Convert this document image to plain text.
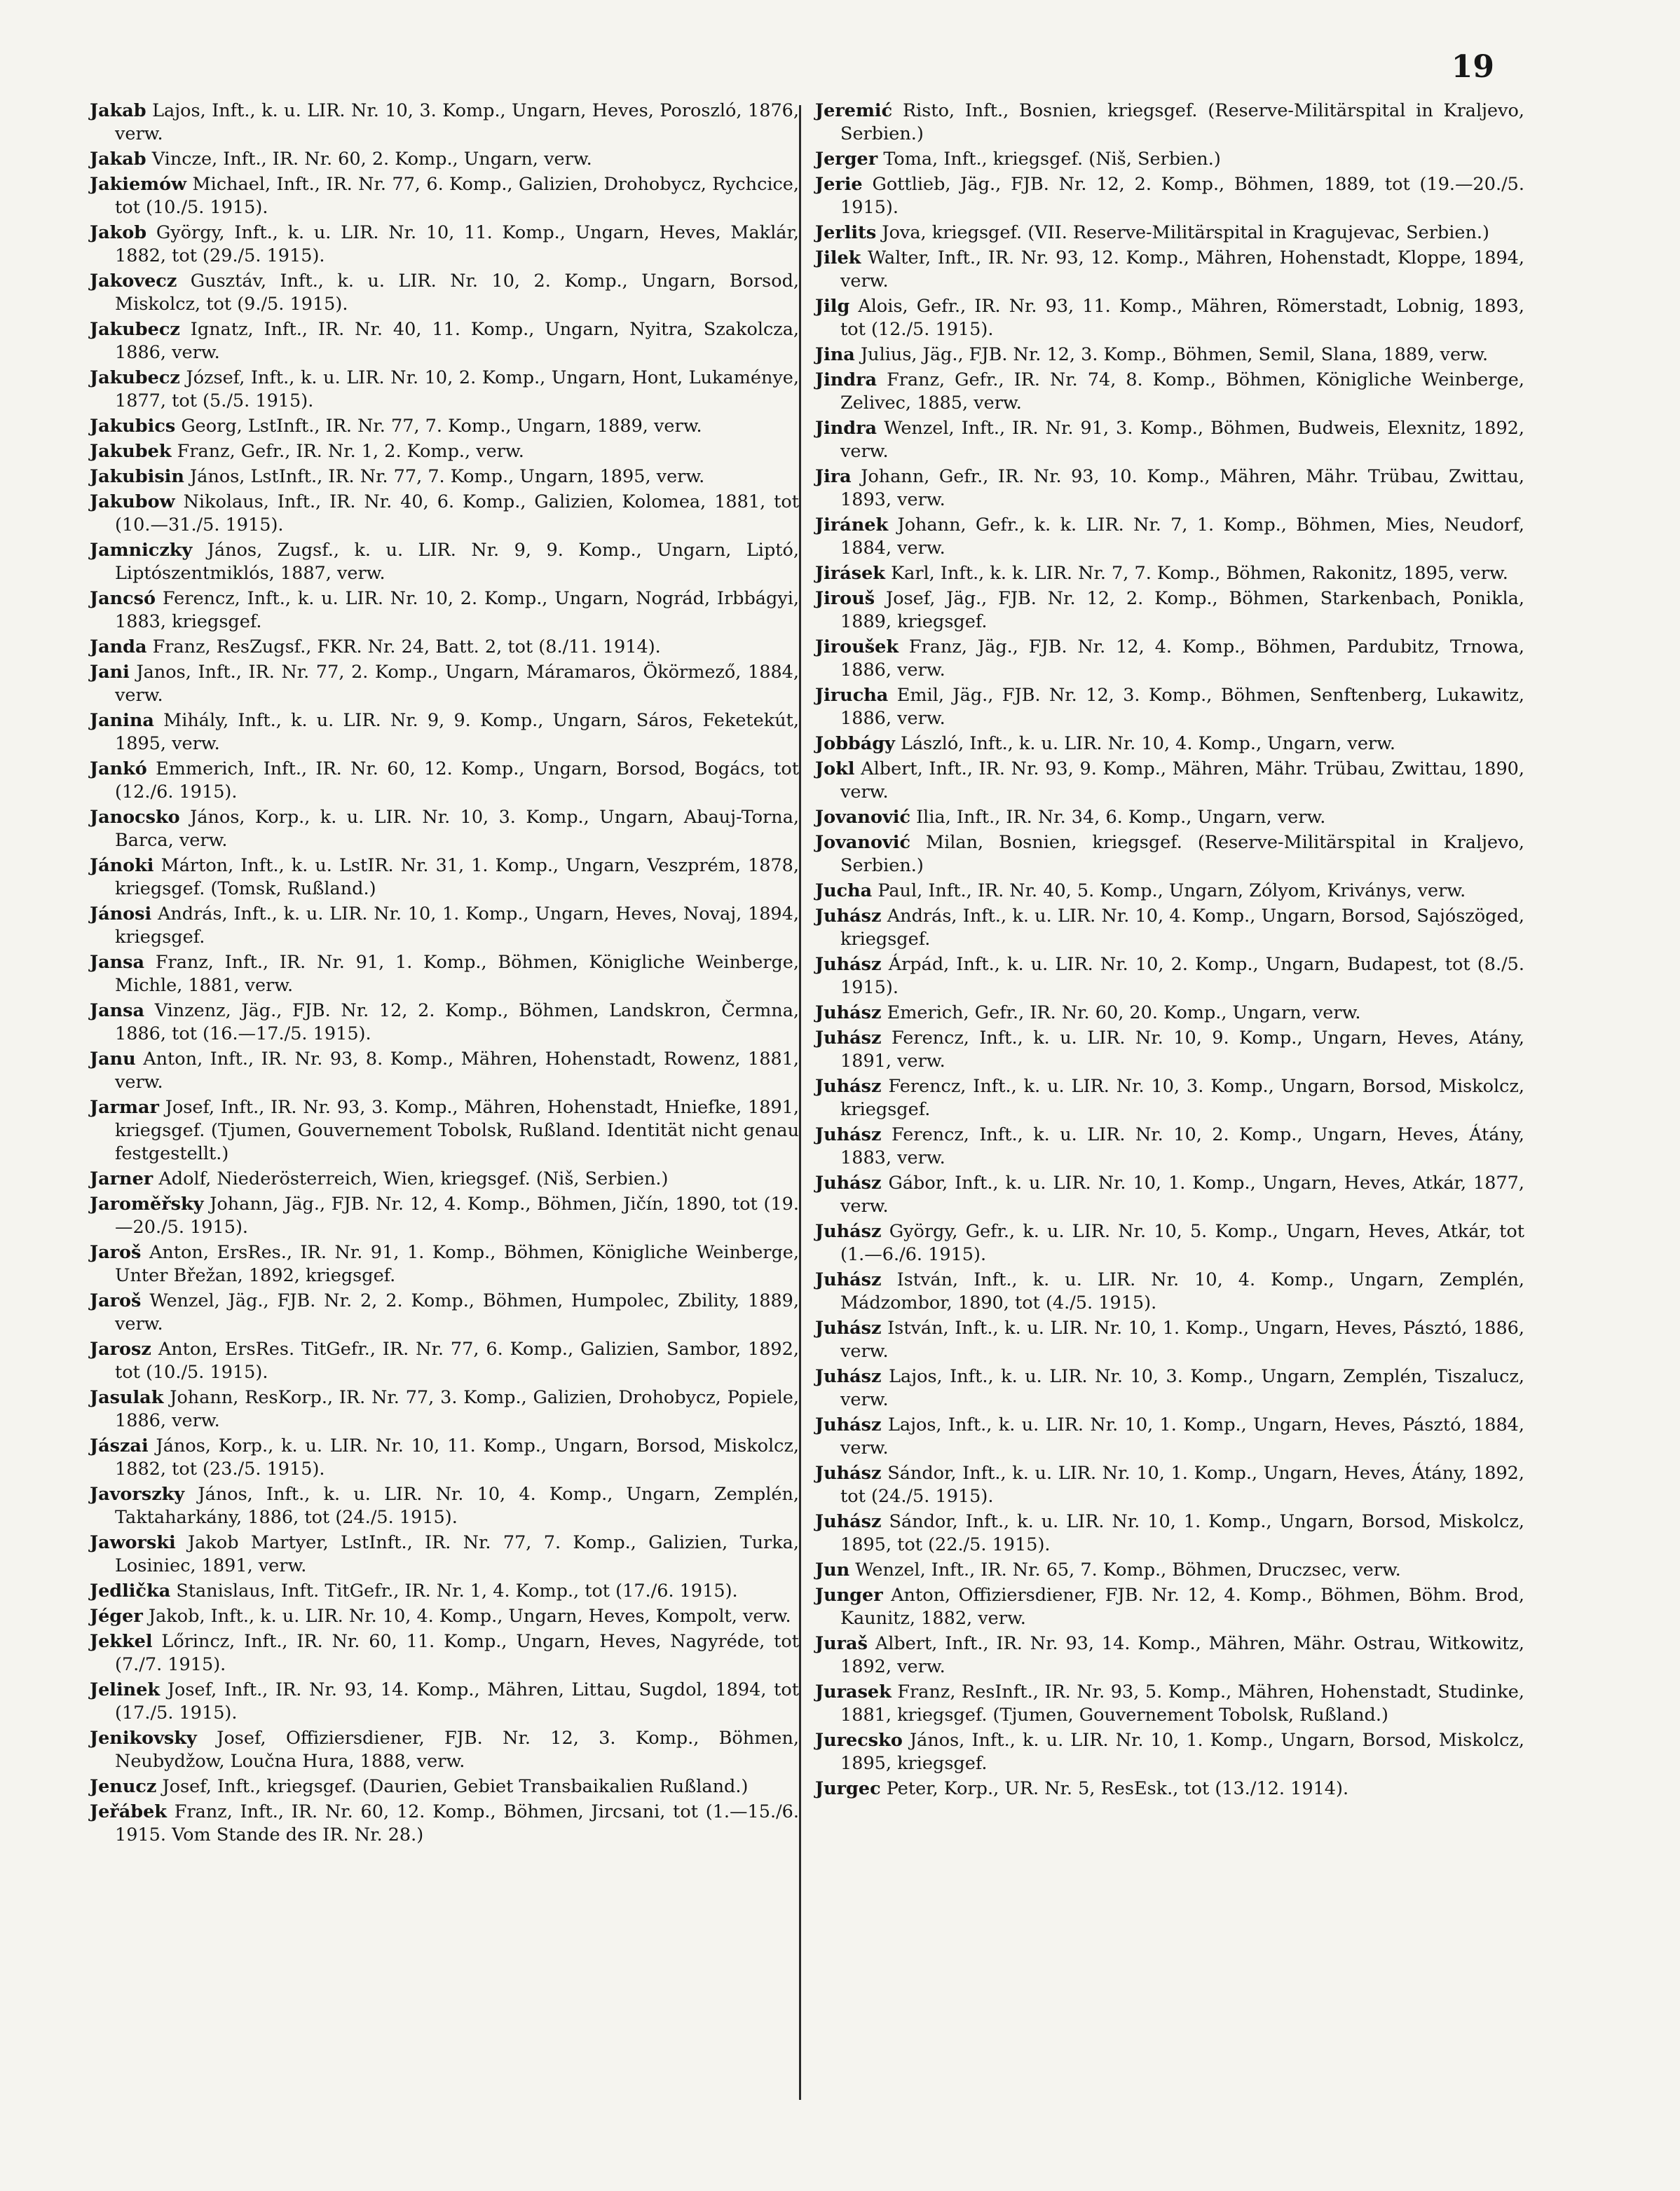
19

Jakab Lajos, Inft., k. u. LIR. Nr. 10, 3. Komp., Ungarn, Heves, Poroszló, 1876, verw.

Jakab Vincze, Inft., IR. Nr. 60, 2. Komp., Ungarn, verw.

Jakiemów Michael, Inft., IR. Nr. 77, 6. Komp., Galizien, Drohobycz, Rychcice, tot (10./5. 1915).

Jakob György, Inft., k. u. LIR. Nr. 10, 11. Komp., Ungarn, Heves, Maklár, 1882, tot (29./5. 1915).

Jakovecz Gusztáv, Inft., k. u. LIR. Nr. 10, 2. Komp., Ungarn, Borsod, Miskolcz, tot (9./5. 1915).

Jakubecz Ignatz, Inft., IR. Nr. 40, 11. Komp., Ungarn, Nyitra, Szakolcza, 1886, verw.

Jakubecz József, Inft., k. u. LIR. Nr. 10, 2. Komp., Ungarn, Hont, Lukaménye, 1877, tot (5./5. 1915).

Jakubics Georg, LstInft., IR. Nr. 77, 7. Komp., Ungarn, 1889, verw.

Jakubek Franz, Gefr., IR. Nr. 1, 2. Komp., verw.

Jakubisin János, LstInft., IR. Nr. 77, 7. Komp., Ungarn, 1895, verw.

Jakubow Nikolaus, Inft., IR. Nr. 40, 6. Komp., Galizien, Kolomea, 1881, tot (10.—31./5. 1915).

Jamniczky János, Zugsf., k. u. LIR. Nr. 9, 9. Komp., Ungarn, Liptó, Liptószentmiklós, 1887, verw.

Jancsó Ferencz, Inft., k. u. LIR. Nr. 10, 2. Komp., Ungarn, Nográd, Irbbágyi, 1883, kriegsgef.

Janda Franz, ResZugsf., FKR. Nr. 24, Batt. 2, tot (8./11. 1914).

Jani Janos, Inft., IR. Nr. 77, 2. Komp., Ungarn, Máramaros, Ökörmező, 1884, verw.

Janina Mihály, Inft., k. u. LIR. Nr. 9, 9. Komp., Ungarn, Sáros, Feketekút, 1895, verw.

Jankó Emmerich, Inft., IR. Nr. 60, 12. Komp., Ungarn, Borsod, Bogács, tot (12./6. 1915).

Janocsko János, Korp., k. u. LIR. Nr. 10, 3. Komp., Ungarn, Abauj-Torna, Barca, verw.

Jánoki Márton, Inft., k. u. LstIR. Nr. 31, 1. Komp., Ungarn, Veszprém, 1878, kriegsgef. (Tomsk, Rußland.)

Jánosi András, Inft., k. u. LIR. Nr. 10, 1. Komp., Ungarn, Heves, Novaj, 1894, kriegsgef.

Jansa Franz, Inft., IR. Nr. 91, 1. Komp., Böhmen, Königliche Weinberge, Michle, 1881, verw.

Jansa Vinzenz, Jäg., FJB. Nr. 12, 2. Komp., Böhmen, Landskron, Čermna, 1886, tot (16.—17./5. 1915).

Janu Anton, Inft., IR. Nr. 93, 8. Komp., Mähren, Hohenstadt, Rowenz, 1881, verw.

Jarmar Josef, Inft., IR. Nr. 93, 3. Komp., Mähren, Hohenstadt, Hniefke, 1891, kriegsgef. (Tjumen, Gouvernement Tobolsk, Rußland. Identität nicht genau festgestellt.)

Jarner Adolf, Niederösterreich, Wien, kriegsgef. (Niš, Serbien.)

Jaroměřsky Johann, Jäg., FJB. Nr. 12, 4. Komp., Böhmen, Jičín, 1890, tot (19.—20./5. 1915).

Jaroš Anton, ErsRes., IR. Nr. 91, 1. Komp., Böhmen, Königliche Weinberge, Unter Břežan, 1892, kriegsgef.

Jaroš Wenzel, Jäg., FJB. Nr. 2, 2. Komp., Böhmen, Humpolec, Zbility, 1889, verw.

Jarosz Anton, ErsRes. TitGefr., IR. Nr. 77, 6. Komp., Galizien, Sambor, 1892, tot (10./5. 1915).

Jasulak Johann, ResKorp., IR. Nr. 77, 3. Komp., Galizien, Drohobycz, Popiele, 1886, verw.

Jászai János, Korp., k. u. LIR. Nr. 10, 11. Komp., Ungarn, Borsod, Miskolcz, 1882, tot (23./5. 1915).

Javorszky János, Inft., k. u. LIR. Nr. 10, 4. Komp., Ungarn, Zemplén, Taktaharkány, 1886, tot (24./5. 1915).

Jaworski Jakob Martyer, LstInft., IR. Nr. 77, 7. Komp., Galizien, Turka, Losiniec, 1891, verw.

Jedlička Stanislaus, Inft. TitGefr., IR. Nr. 1, 4. Komp., tot (17./6. 1915).

Jéger Jakob, Inft., k. u. LIR. Nr. 10, 4. Komp., Ungarn, Heves, Kompolt, verw.

Jekkel Lőrincz, Inft., IR. Nr. 60, 11. Komp., Ungarn, Heves, Nagyréde, tot (7./7. 1915).

Jelinek Josef, Inft., IR. Nr. 93, 14. Komp., Mähren, Littau, Sugdol, 1894, tot (17./5. 1915).

Jenikovsky Josef, Offiziersdiener, FJB. Nr. 12, 3. Komp., Böhmen, Neubydžow, Loučna Hura, 1888, verw.

Jenucz Josef, Inft., kriegsgef. (Daurien, Gebiet Transbaikalien Rußland.)

Jeřábek Franz, Inft., IR. Nr. 60, 12. Komp., Böhmen, Jircsani, tot (1.—15./6. 1915. Vom Stande des IR. Nr. 28.)

Jeremić Risto, Inft., Bosnien, kriegsgef. (Reserve-Militärspital in Kraljevo, Serbien.)

Jerger Toma, Inft., kriegsgef. (Niš, Serbien.)

Jerie Gottlieb, Jäg., FJB. Nr. 12, 2. Komp., Böhmen, 1889, tot (19.—20./5. 1915).

Jerlits Jova, kriegsgef. (VII. Reserve-Militärspital in Kragujevac, Serbien.)

Jilek Walter, Inft., IR. Nr. 93, 12. Komp., Mähren, Hohenstadt, Kloppe, 1894, verw.

Jilg Alois, Gefr., IR. Nr. 93, 11. Komp., Mähren, Römerstadt, Lobnig, 1893, tot (12./5. 1915).

Jina Julius, Jäg., FJB. Nr. 12, 3. Komp., Böhmen, Semil, Slana, 1889, verw.

Jindra Franz, Gefr., IR. Nr. 74, 8. Komp., Böhmen, Königliche Weinberge, Zelivec, 1885, verw.

Jindra Wenzel, Inft., IR. Nr. 91, 3. Komp., Böhmen, Budweis, Elexnitz, 1892, verw.

Jira Johann, Gefr., IR. Nr. 93, 10. Komp., Mähren, Mähr. Trübau, Zwittau, 1893, verw.

Jiránek Johann, Gefr., k. k. LIR. Nr. 7, 1. Komp., Böhmen, Mies, Neudorf, 1884, verw.

Jirásek Karl, Inft., k. k. LIR. Nr. 7, 7. Komp., Böhmen, Rakonitz, 1895, verw.

Jirouš Josef, Jäg., FJB. Nr. 12, 2. Komp., Böhmen, Starkenbach, Ponikla, 1889, kriegsgef.

Jiroušek Franz, Jäg., FJB. Nr. 12, 4. Komp., Böhmen, Pardubitz, Trnowa, 1886, verw.

Jirucha Emil, Jäg., FJB. Nr. 12, 3. Komp., Böhmen, Senftenberg, Lukawitz, 1886, verw.

Jobbágy László, Inft., k. u. LIR. Nr. 10, 4. Komp., Ungarn, verw.

Jokl Albert, Inft., IR. Nr. 93, 9. Komp., Mähren, Mähr. Trübau, Zwittau, 1890, verw.

Jovanović Ilia, Inft., IR. Nr. 34, 6. Komp., Ungarn, verw.

Jovanović Milan, Bosnien, kriegsgef. (Reserve-Militärspital in Kraljevo, Serbien.)

Jucha Paul, Inft., IR. Nr. 40, 5. Komp., Ungarn, Zólyom, Kriványs, verw.

Juhász András, Inft., k. u. LIR. Nr. 10, 4. Komp., Ungarn, Borsod, Sajószöged, kriegsgef.

Juhász Árpád, Inft., k. u. LIR. Nr. 10, 2. Komp., Ungarn, Budapest, tot (8./5. 1915).

Juhász Emerich, Gefr., IR. Nr. 60, 20. Komp., Ungarn, verw.

Juhász Ferencz, Inft., k. u. LIR. Nr. 10, 9. Komp., Ungarn, Heves, Atány, 1891, verw.

Juhász Ferencz, Inft., k. u. LIR. Nr. 10, 3. Komp., Ungarn, Borsod, Miskolcz, kriegsgef.

Juhász Ferencz, Inft., k. u. LIR. Nr. 10, 2. Komp., Ungarn, Heves, Átány, 1883, verw.

Juhász Gábor, Inft., k. u. LIR. Nr. 10, 1. Komp., Ungarn, Heves, Atkár, 1877, verw.

Juhász György, Gefr., k. u. LIR. Nr. 10, 5. Komp., Ungarn, Heves, Atkár, tot (1.—6./6. 1915).

Juhász István, Inft., k. u. LIR. Nr. 10, 4. Komp., Ungarn, Zemplén, Mádzombor, 1890, tot (4./5. 1915).

Juhász István, Inft., k. u. LIR. Nr. 10, 1. Komp., Ungarn, Heves, Pásztó, 1886, verw.

Juhász Lajos, Inft., k. u. LIR. Nr. 10, 3. Komp., Ungarn, Zemplén, Tiszalucz, verw.

Juhász Lajos, Inft., k. u. LIR. Nr. 10, 1. Komp., Ungarn, Heves, Pásztó, 1884, verw.

Juhász Sándor, Inft., k. u. LIR. Nr. 10, 1. Komp., Ungarn, Heves, Átány, 1892, tot (24./5. 1915).

Juhász Sándor, Inft., k. u. LIR. Nr. 10, 1. Komp., Ungarn, Borsod, Miskolcz, 1895, tot (22./5. 1915).

Jun Wenzel, Inft., IR. Nr. 65, 7. Komp., Böhmen, Druczsec, verw.

Junger Anton, Offiziersdiener, FJB. Nr. 12, 4. Komp., Böhmen, Böhm. Brod, Kaunitz, 1882, verw.

Juraš Albert, Inft., IR. Nr. 93, 14. Komp., Mähren, Mähr. Ostrau, Witkowitz, 1892, verw.

Jurasek Franz, ResInft., IR. Nr. 93, 5. Komp., Mähren, Hohenstadt, Studinke, 1881, kriegsgef. (Tjumen, Gouvernement Tobolsk, Rußland.)

Jurecsko János, Inft., k. u. LIR. Nr. 10, 1. Komp., Ungarn, Borsod, Miskolcz, 1895, kriegsgef.

Jurgec Peter, Korp., UR. Nr. 5, ResEsk., tot (13./12. 1914).
